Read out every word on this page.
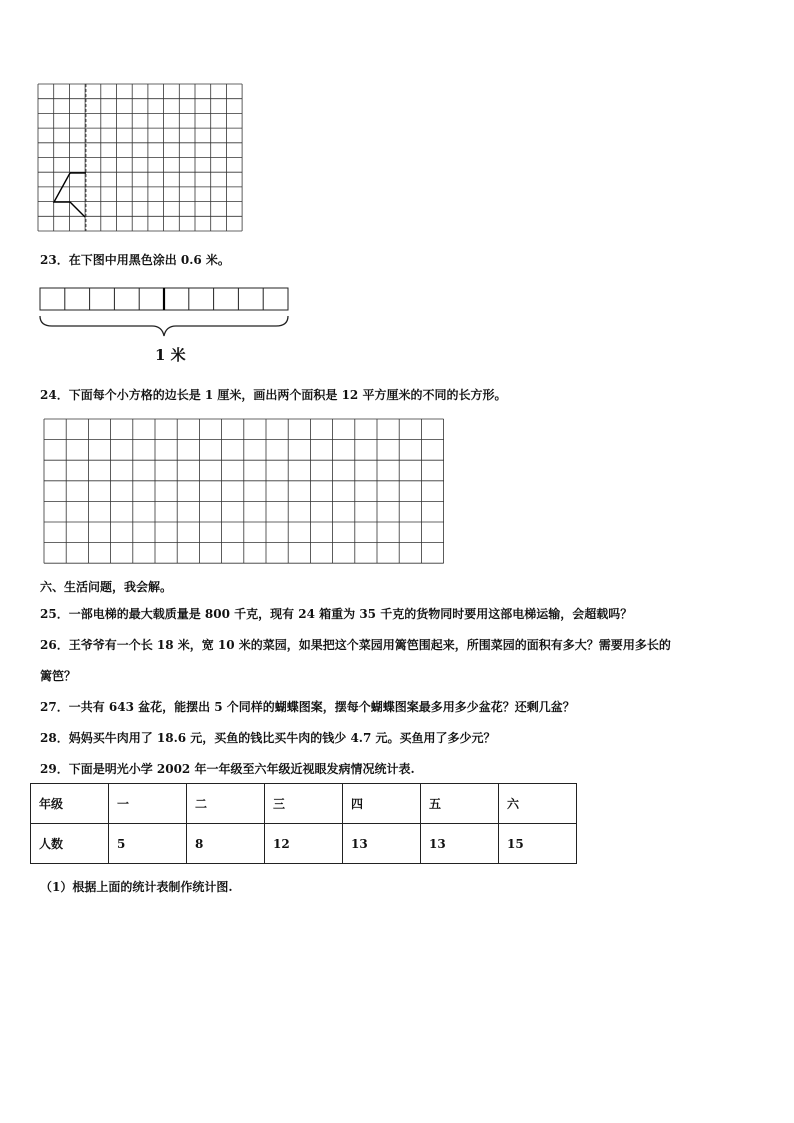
23．在下图中用黑色涂出 0.6 米。
1 米
24．下面每个小方格的边长是 1 厘米，画出两个面积是 12 平方厘米的不同的长方形。
六、生活问题，我会解。
25．一部电梯的最大载质量是 800 千克，现有 24 箱重为 35 千克的货物同时要用这部电梯运输，会超载吗？
26．王爷爷有一个长 18 米，宽 10 米的菜园，如果把这个菜园用篱笆围起来，所围菜园的面积有多大？需要用多长的
篱笆？
27．一共有 643 盆花，能摆出 5 个同样的蝴蝶图案，摆每个蝴蝶图案最多用多少盆花？还剩几盆？
28．妈妈买牛肉用了 18.6 元，买鱼的钱比买牛肉的钱少 4.7 元。买鱼用了多少元？
29．下面是明光小学 2002 年一年级至六年级近视眼发病情况统计表.
年级	一	二	三	四	五	六
人数	5	8	12	13	13	15
（1）根据上面的统计表制作统计图.
